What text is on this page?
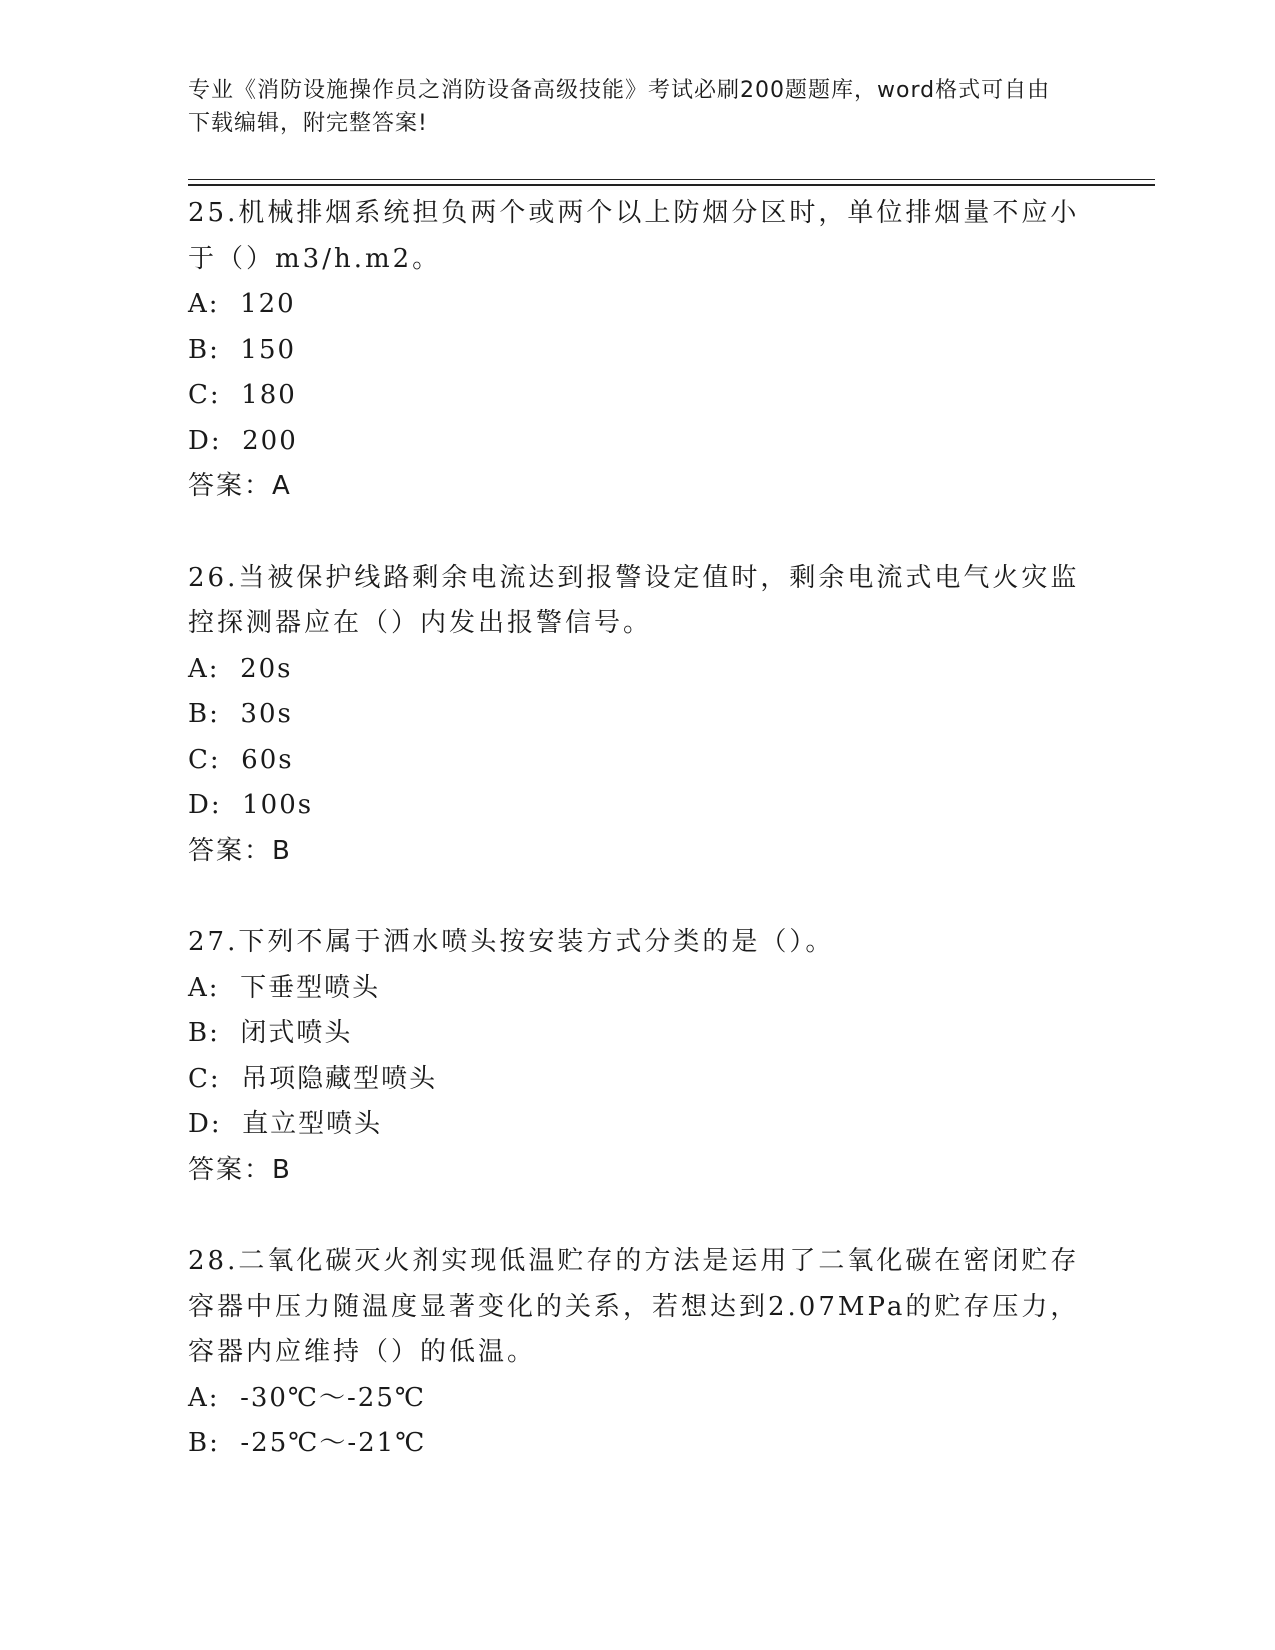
专业《消防设施操作员之消防设备高级技能》考试必刷200题题库，word格式可自由下载编辑，附完整答案!
25.机械排烟系统担负两个或两个以上防烟分区时，单位排烟量不应小于（）m3/h.m2。
A:  120
B:  150
C:  180
D:  200
答案：A
26.当被保护线路剩余电流达到报警设定值时，剩余电流式电气火灾监控探测器应在（）内发出报警信号。
A:  20s
B:  30s
C:  60s
D:  100s
答案：B
27.下列不属于洒水喷头按安装方式分类的是（）。
A:  下垂型喷头
B:  闭式喷头
C:  吊项隐藏型喷头
D:  直立型喷头
答案：B
28.二氧化碳灭火剂实现低温贮存的方法是运用了二氧化碳在密闭贮存容器中压力随温度显著变化的关系，若想达到2.07MPa的贮存压力，容器内应维持（）的低温。
A:  -30℃～-25℃
B:  -25℃～-21℃
